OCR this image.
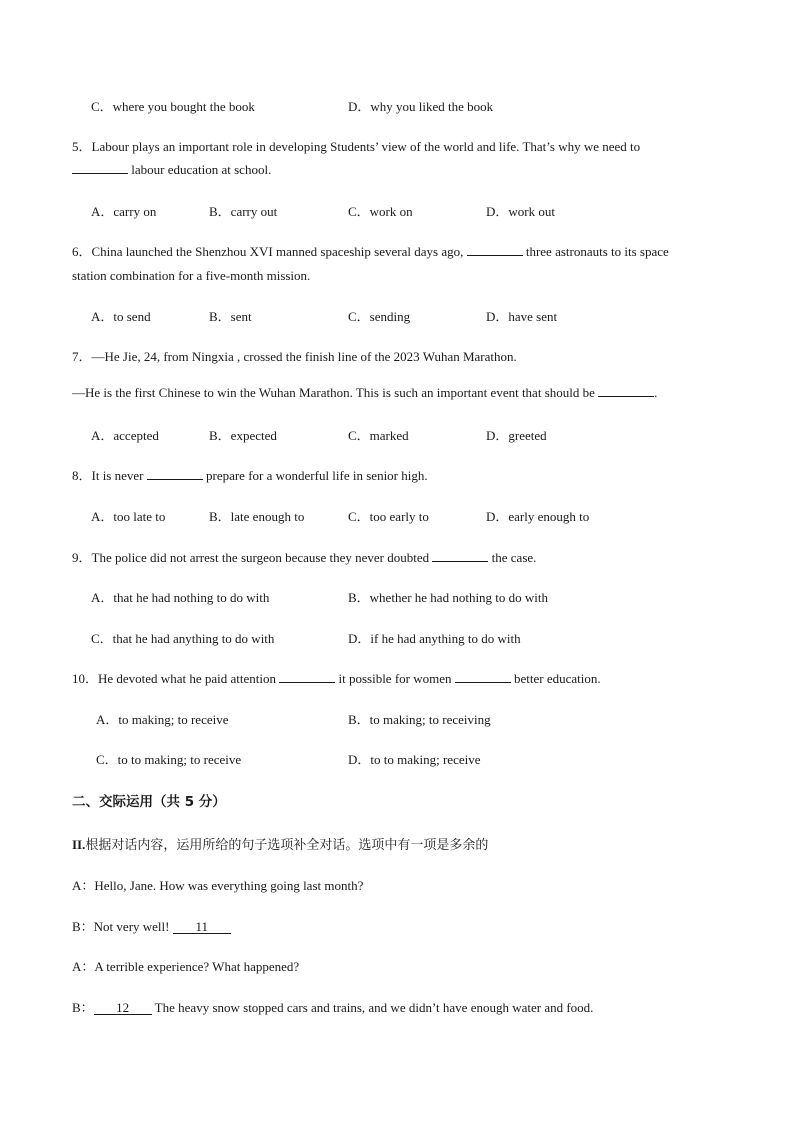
C．where you bought the book	D．why you liked the book
5．Labour plays an important role in developing Students’ view of the world and life. That’s why we need to
labour education at school.
A．carry on	B．carry out	C．work on	D．work out
6．China launched the Shenzhou XVI manned spaceship several days ago,	three astronauts to its space
station combination for a five-month mission.
A．to send	B．sent	C．sending	D．have sent
7．—He Jie, 24, from Ningxia , crossed the finish line of the 2023 Wuhan Marathon.
—He is the first Chinese to win the Wuhan Marathon. This is such an important event that should be	.
A．accepted	B．expected	C．marked	D．greeted
8．It is never	prepare for a wonderful life in senior high.
A．too late to	B．late enough to	C．too early to	D．early enough to
9．The police did not arrest the surgeon because they never doubted	the case.
A．that he had nothing to do with	B．whether he had nothing to do with
C．that he had anything to do with	D．if he had anything to do with
10．He devoted what he paid attention	it possible for women	better education.
A．to making; to receive	B．to making; to receiving
C．to to making; to receive	D．to to making; receive
二、交际运用（共 5 分）
II.根据对话内容，运用所给的句子选项补全对话。选项中有一项是多余的
A：Hello, Jane. How was everything going last month?
B：Not very well! 11
A：A terrible experience? What happened?
B： 12 The heavy snow stopped cars and trains, and we didn’t have enough water and food.
